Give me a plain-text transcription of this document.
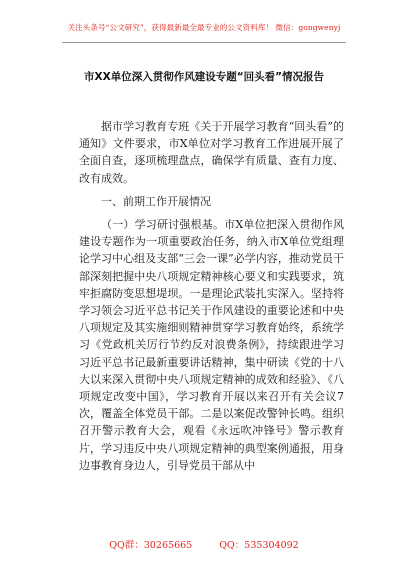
关注头条号“公文研究”，获得最新最全最专业的公文资料库！ 微信：gongwenyj
市XX单位深入贯彻作风建设专题“回头看”情况报告

据市学习教育专班《关于开展学习教育“回头看”的通知》文件要求，市X单位对学习教育工作进展开展了全面自查，逐项梳理盘点，确保学有质量、查有力度、改有成效。

一、前期工作开展情况

（一）学习研讨强根基。市X单位把深入贯彻作风建设专题作为一项重要政治任务，纳入市X单位党组理论学习中心组及支部“三会一课”必学内容，推动党员干部深刻把握中央八项规定精神核心要义和实践要求，筑牢拒腐防变思想堤坝。一是理论武装扎实深入。坚持将学习领会习近平总书记关于作风建设的重要论述和中央八项规定及其实施细则精神贯穿学习教育始终，系统学习《党政机关厉行节约反对浪费条例》，持续跟进学习习近平总书记最新重要讲话精神，集中研读《党的十八大以来深入贯彻中央八项规定精神的成效和经验》、《八项规定改变中国》，学习教育开展以来召开有关会议7次，覆盖全体党员干部。二是以案促改警钟长鸣。组织召开警示教育大会，观看《永远吹冲锋号》警示教育片，学习违反中央八项规定精神的典型案例通报，用身边事教育身边人，引导党员干部从中

QQ群：30265665	QQ：535304092
